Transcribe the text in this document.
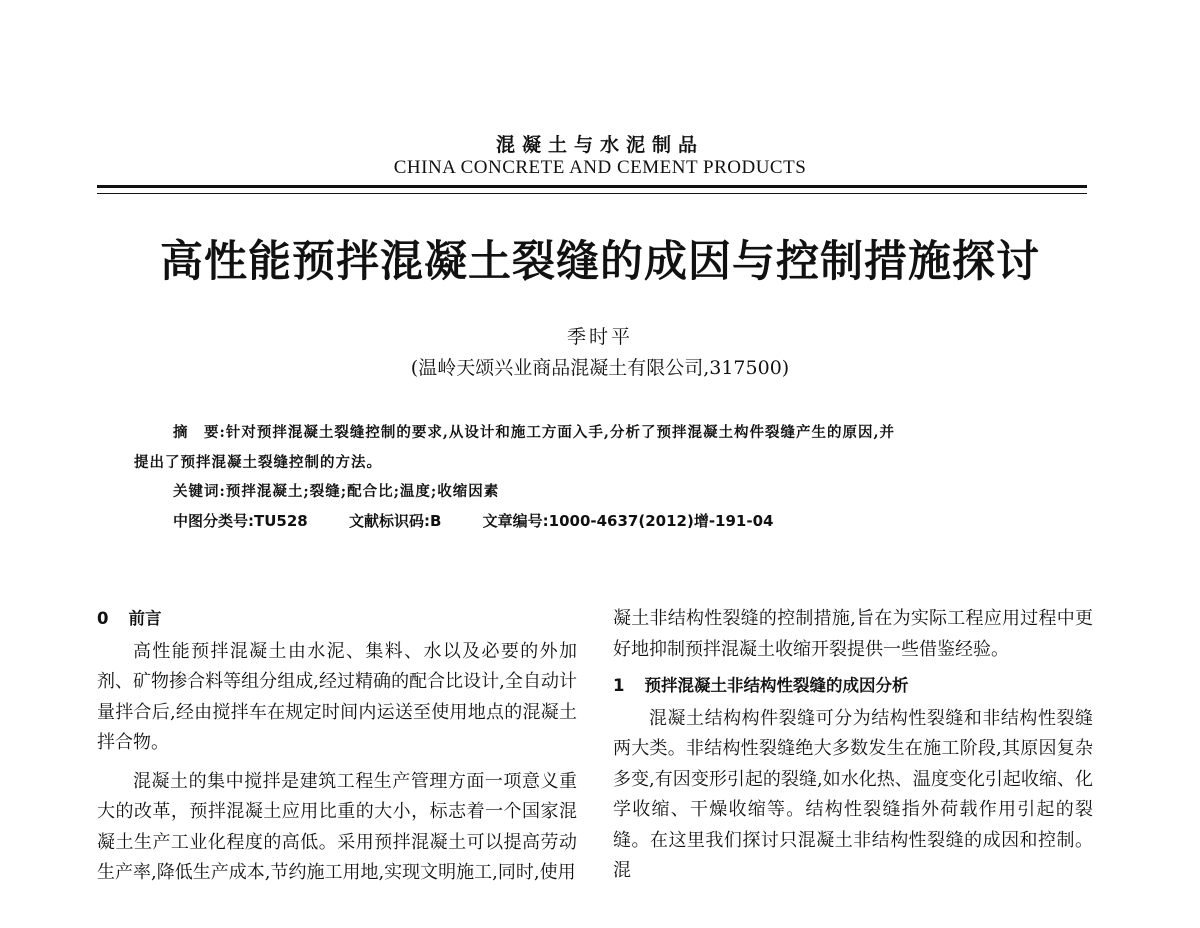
混凝土与水泥制品
CHINA CONCRETE AND CEMENT PRODUCTS
高性能预拌混凝土裂缝的成因与控制措施探讨
季时平
(温岭天颂兴业商品混凝土有限公司,317500)
摘　要:针对预拌混凝土裂缝控制的要求,从设计和施工方面入手,分析了预拌混凝土构件裂缝产生的原因,并
提出了预拌混凝土裂缝控制的方法。
关键词:预拌混凝土;裂缝;配合比;温度;收缩因素
中图分类号:TU528	文献标识码:B	文章编号:1000-4637(2012)增-191-04
0 前言

高性能预拌混凝土由水泥、集料、水以及必要的外加剂、矿物掺合料等组分组成,经过精确的配合比设计,全自动计量拌合后,经由搅拌车在规定时间内运送至使用地点的混凝土拌合物。

混凝土的集中搅拌是建筑工程生产管理方面一项意义重大的改革，预拌混凝土应用比重的大小，标志着一个国家混凝土生产工业化程度的高低。采用预拌混凝土可以提高劳动生产率,降低生产成本,节约施工用地,实现文明施工,同时,使用

凝土非结构性裂缝的控制措施,旨在为实际工程应用过程中更好地抑制预拌混凝土收缩开裂提供一些借鉴经验。

1 预拌混凝土非结构性裂缝的成因分析

混凝土结构构件裂缝可分为结构性裂缝和非结构性裂缝两大类。非结构性裂缝绝大多数发生在施工阶段,其原因复杂多变,有因变形引起的裂缝,如水化热、温度变化引起收缩、化学收缩、干燥收缩等。结构性裂缝指外荷载作用引起的裂缝。在这里我们探讨只混凝土非结构性裂缝的成因和控制。混
